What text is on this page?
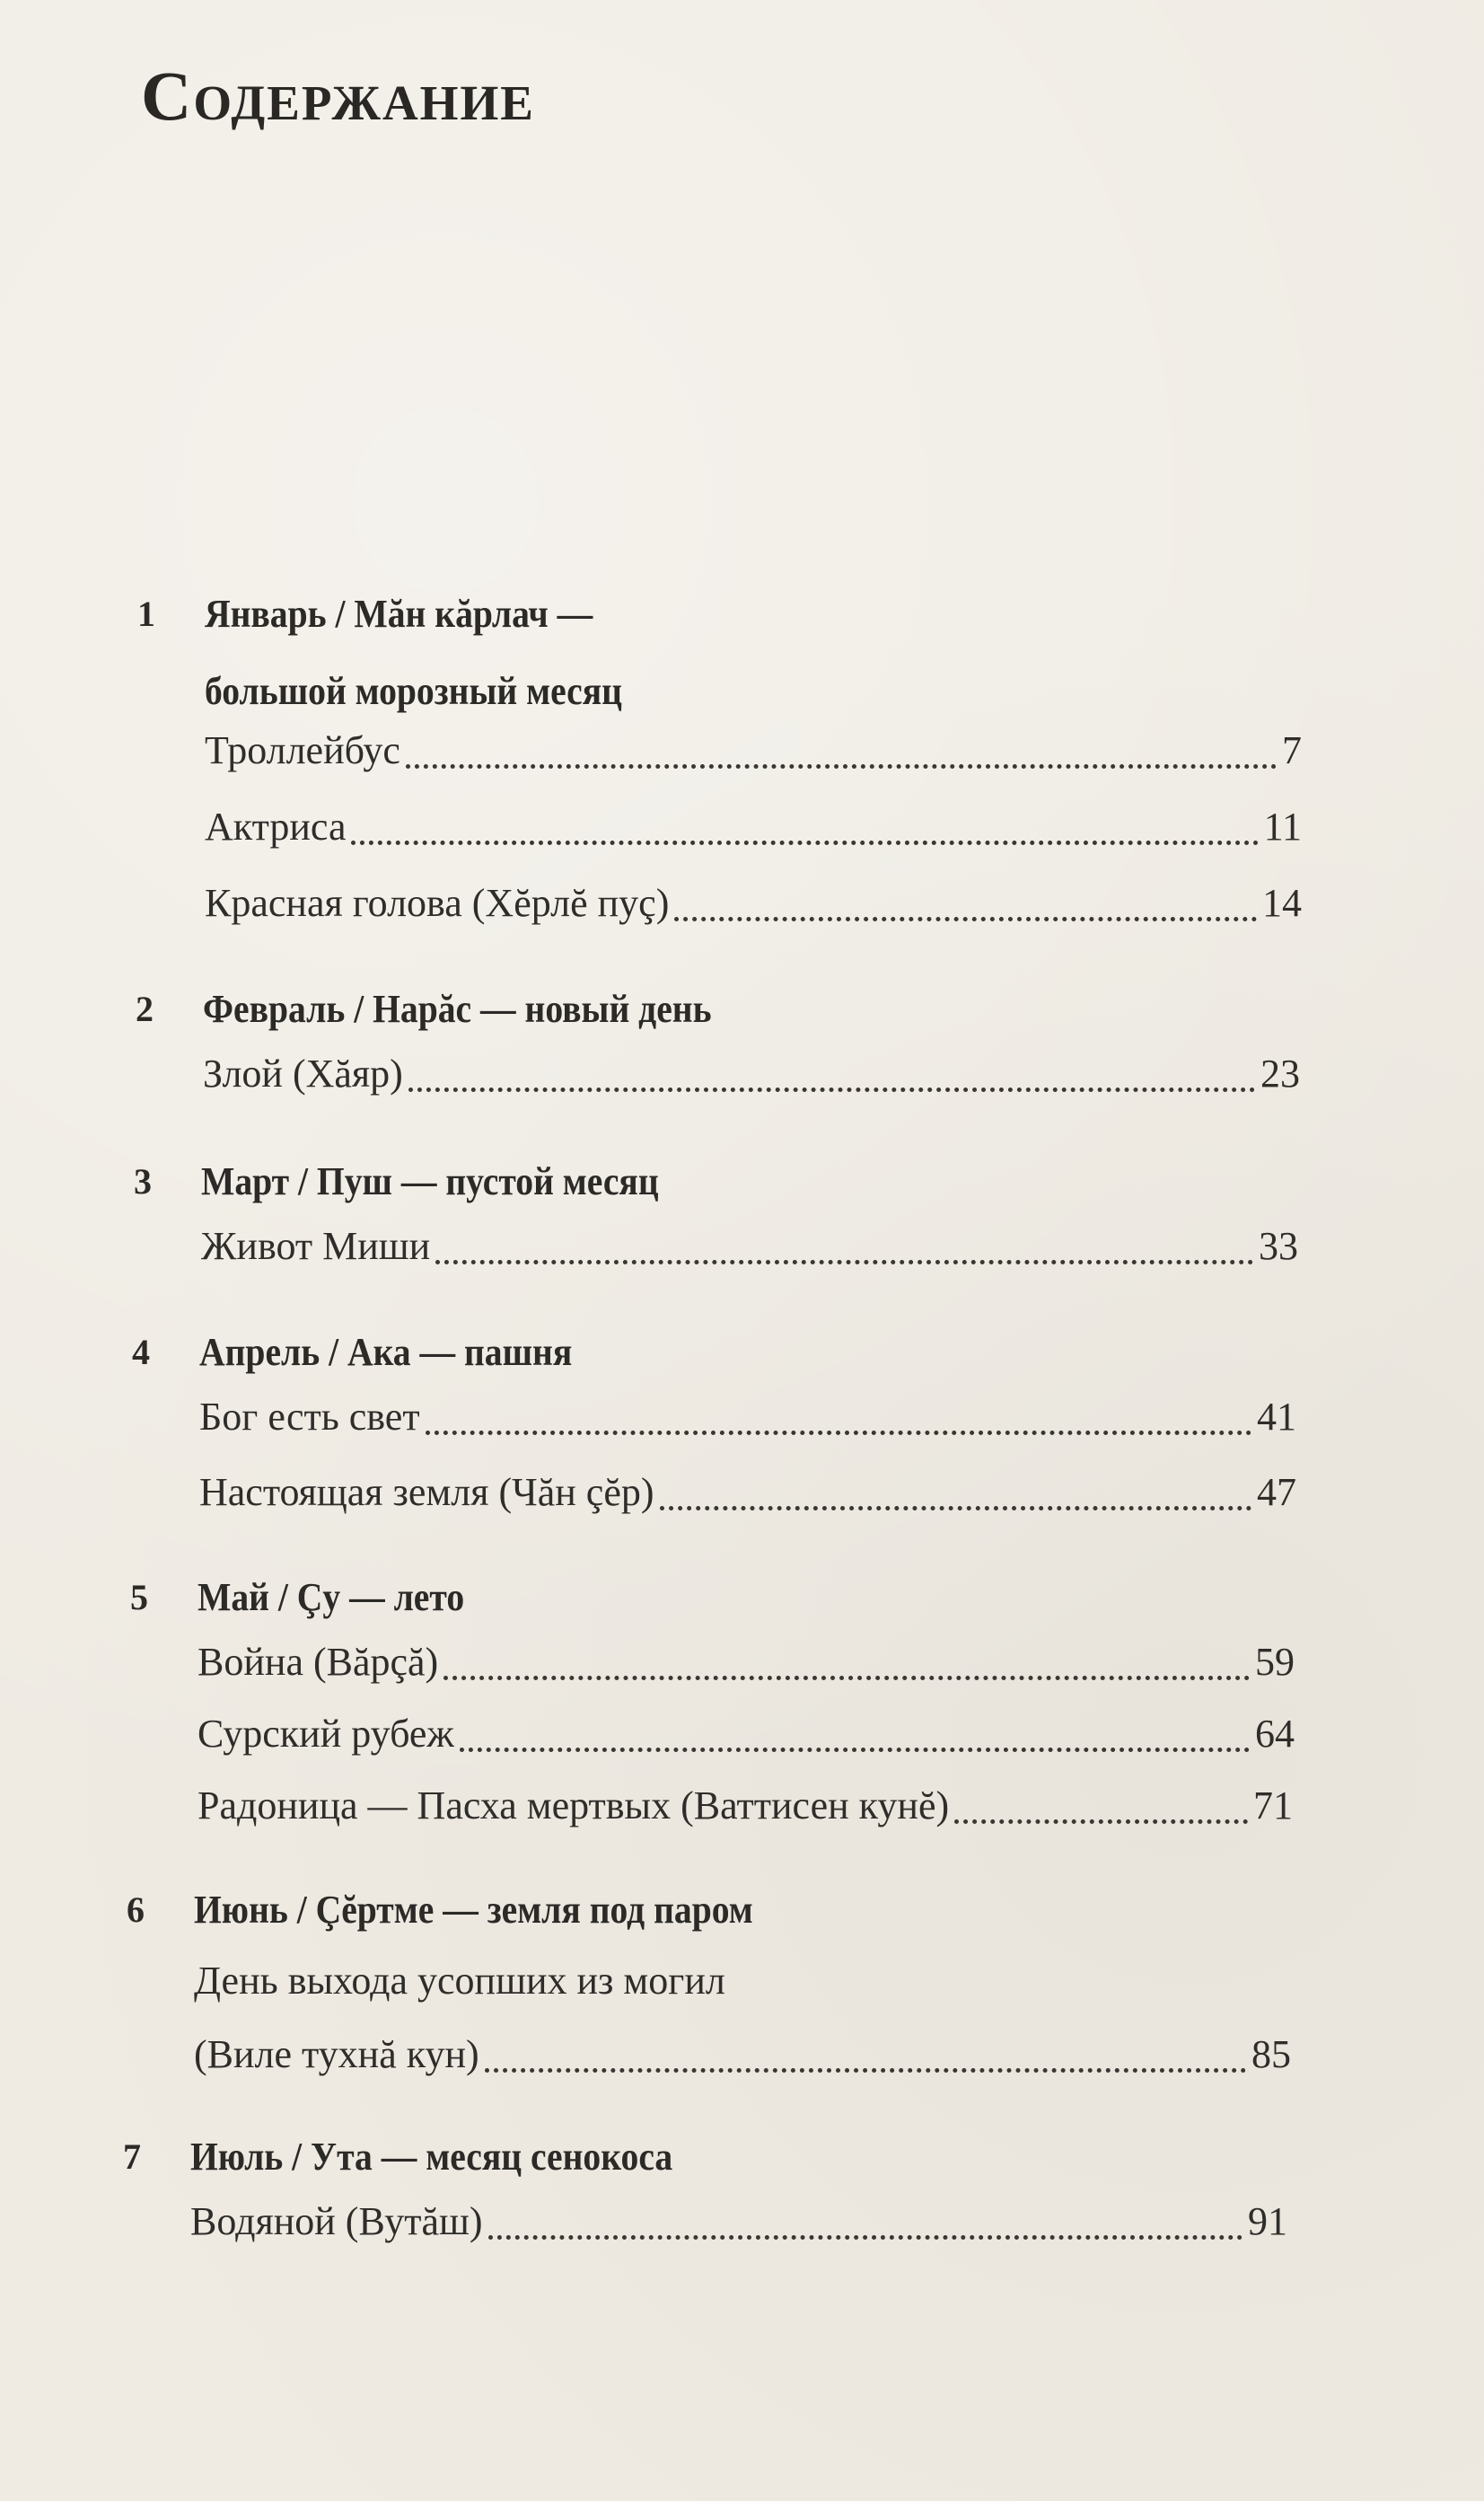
Содержание
1 Январь / Мăн кăрлач —
большой морозный месяц
Троллейбус	7
Актриса	11
Красная голова (Хĕрлĕ пуç)	14
2 Февраль / Нарăс — новый день
Злой (Хăяр)	23
3 Март / Пуш — пустой месяц
Живот Миши	33
4 Апрель / Ака — пашня
Бог есть свет	41
Настоящая земля (Чăн çĕр)	47
5 Май / Çу — лето
Война (Вăрçă)	59
Сурский рубеж	64
Радоница — Пасха мертвых (Ваттисен кунĕ)	71
6 Июнь / Çĕртме — земля под паром
День выхода усопших из могил
(Виле тухнă кун)	85
7 Июль / Ута — месяц сенокоса
Водяной (Вутăш)	91
